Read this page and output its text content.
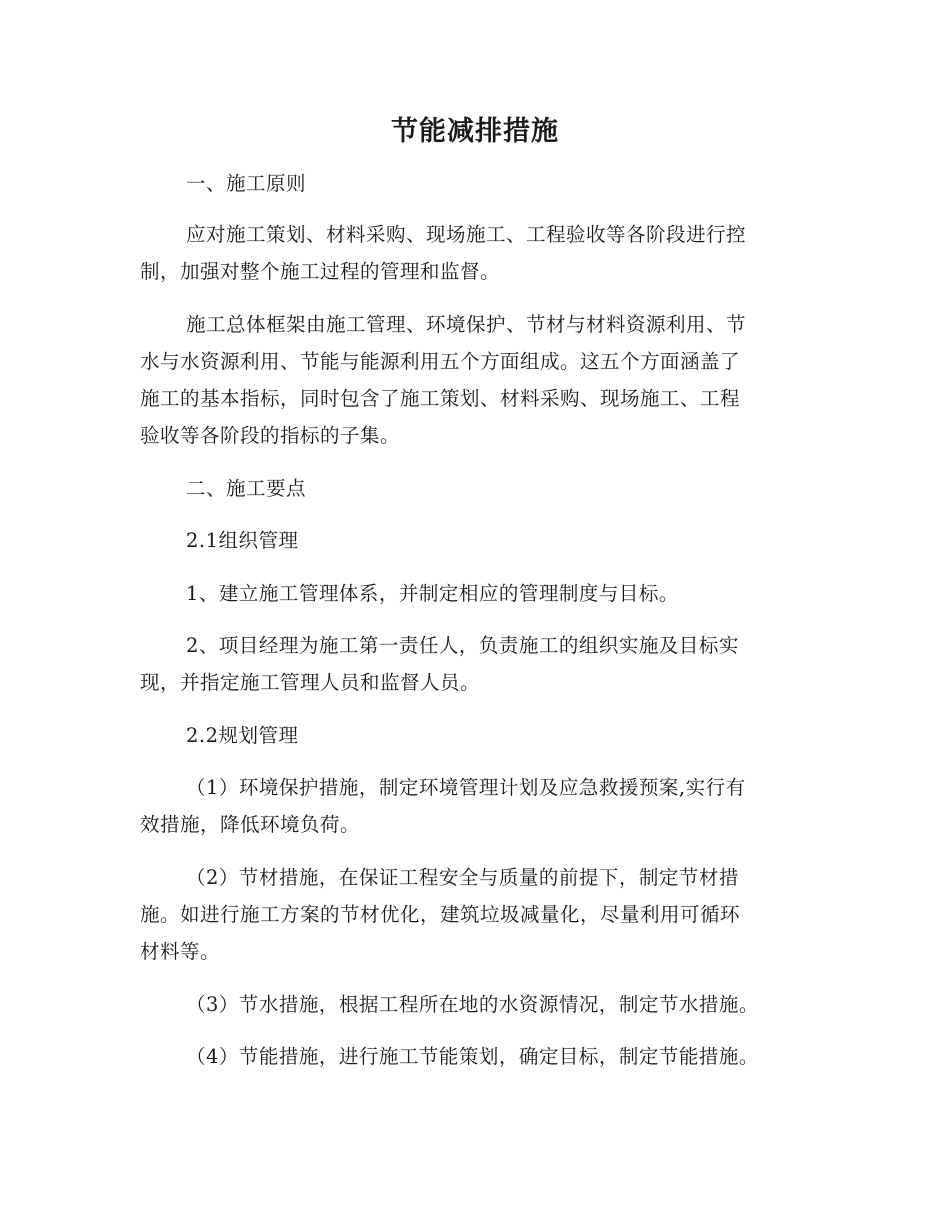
节能减排措施
一、施工原则
应对施工策划、材料采购、现场施工、工程验收等各阶段进行控
制，加强对整个施工过程的管理和监督。
施工总体框架由施工管理、环境保护、节材与材料资源利用、节
水与水资源利用、节能与能源利用五个方面组成。这五个方面涵盖了
施工的基本指标，同时包含了施工策划、材料采购、现场施工、工程
验收等各阶段的指标的子集。
二、施工要点
2.1组织管理
1、建立施工管理体系，并制定相应的管理制度与目标。
2、项目经理为施工第一责任人，负责施工的组织实施及目标实
现，并指定施工管理人员和监督人员。
2.2规划管理
（1）环境保护措施，制定环境管理计划及应急救援预案,实行有
效措施，降低环境负荷。
（2）节材措施，在保证工程安全与质量的前提下，制定节材措
施。如进行施工方案的节材优化，建筑垃圾减量化，尽量利用可循环
材料等。
（3）节水措施，根据工程所在地的水资源情况，制定节水措施。
（4）节能措施，进行施工节能策划，确定目标，制定节能措施。
